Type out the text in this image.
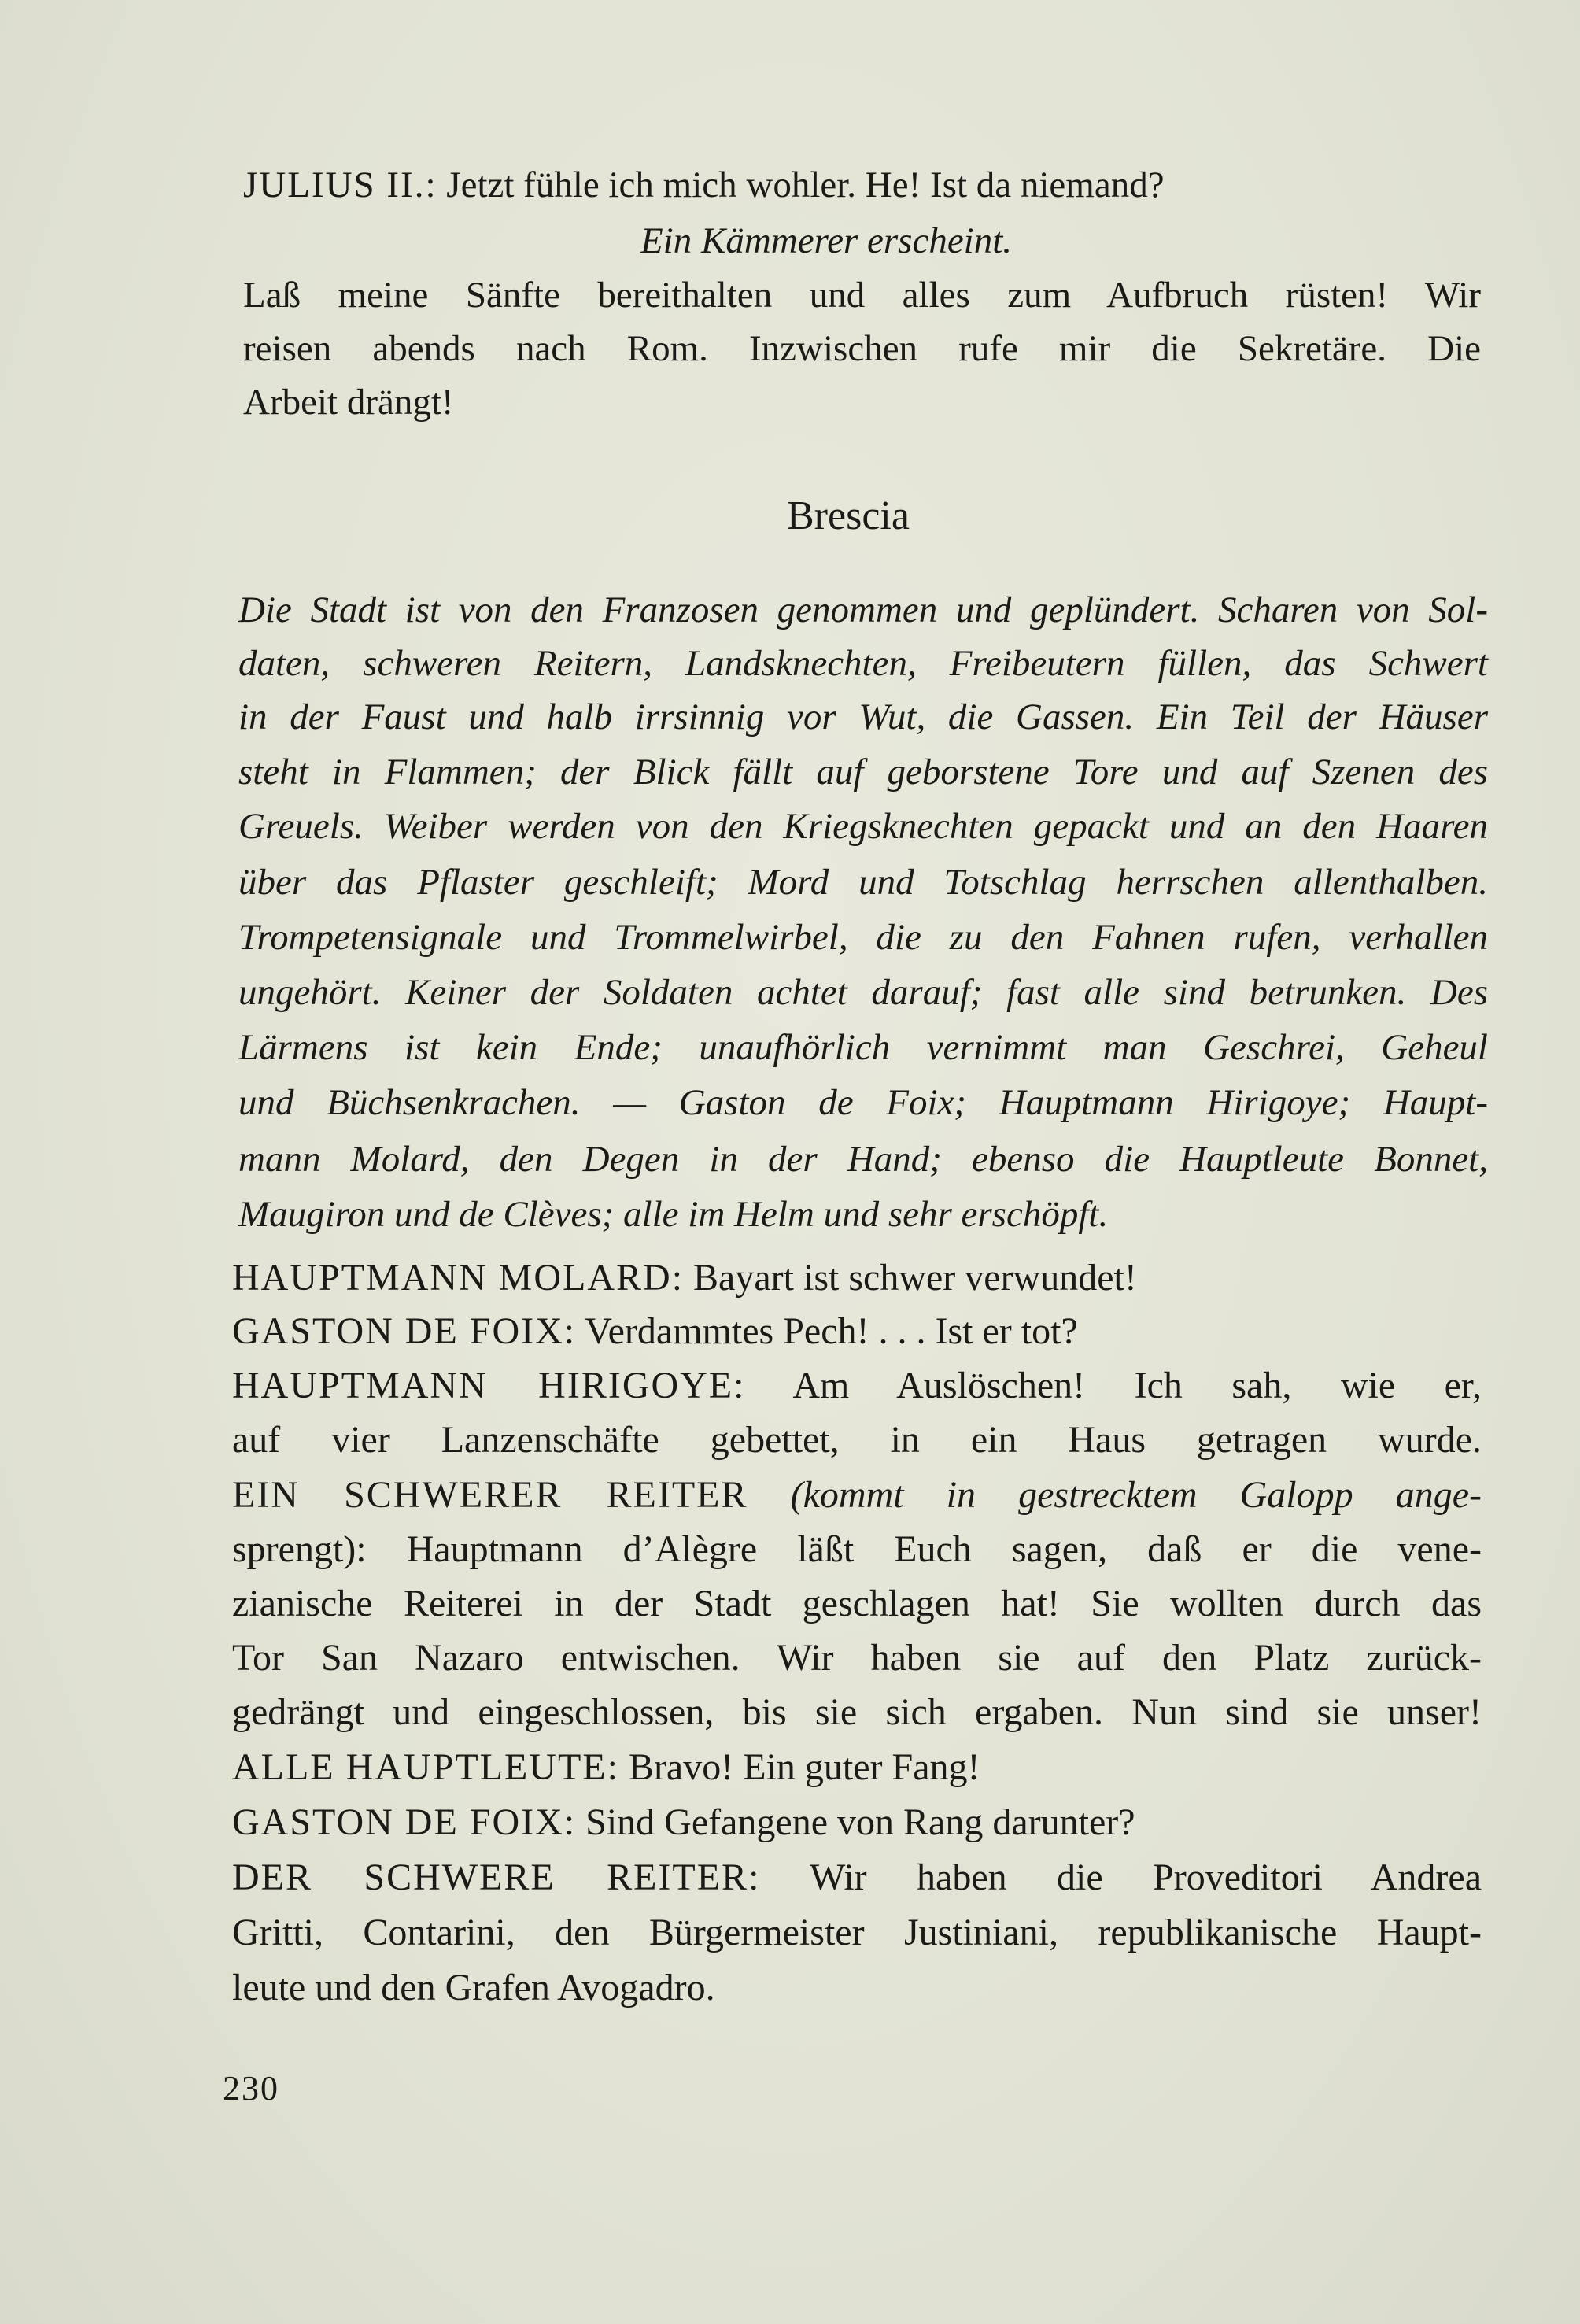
JULIUS II.: Jetzt fühle ich mich wohler. He! Ist da niemand?
Ein Kämmerer erscheint.
Laß meine Sänfte bereithalten und alles zum Aufbruch rüsten! Wir
reisen abends nach Rom. Inzwischen rufe mir die Sekretäre. Die
Arbeit drängt!
Brescia
Die Stadt ist von den Franzosen genommen und geplündert. Scharen von Sol-
daten, schweren Reitern, Landsknechten, Freibeutern füllen, das Schwert
in der Faust und halb irrsinnig vor Wut, die Gassen. Ein Teil der Häuser
steht in Flammen; der Blick fällt auf geborstene Tore und auf Szenen des
Greuels. Weiber werden von den Kriegsknechten gepackt und an den Haaren
über das Pflaster geschleift; Mord und Totschlag herrschen allenthalben.
Trompetensignale und Trommelwirbel, die zu den Fahnen rufen, verhallen
ungehört. Keiner der Soldaten achtet darauf; fast alle sind betrunken. Des
Lärmens ist kein Ende; unaufhörlich vernimmt man Geschrei, Geheul
und Büchsenkrachen. — Gaston de Foix; Hauptmann Hirigoye; Haupt-
mann Molard, den Degen in der Hand; ebenso die Hauptleute Bonnet,
Maugiron und de Clèves; alle im Helm und sehr erschöpft.
HAUPTMANN MOLARD: Bayart ist schwer verwundet!
GASTON DE FOIX: Verdammtes Pech! . . . Ist er tot?
HAUPTMANN HIRIGOYE: Am Auslöschen! Ich sah, wie er,
auf vier Lanzenschäfte gebettet, in ein Haus getragen wurde.
EIN SCHWERER REITER (kommt in gestrecktem Galopp ange-
sprengt): Hauptmann d’Alègre läßt Euch sagen, daß er die vene-
zianische Reiterei in der Stadt geschlagen hat! Sie wollten durch das
Tor San Nazaro entwischen. Wir haben sie auf den Platz zurück-
gedrängt und eingeschlossen, bis sie sich ergaben. Nun sind sie unser!
ALLE HAUPTLEUTE: Bravo! Ein guter Fang!
GASTON DE FOIX: Sind Gefangene von Rang darunter?
DER SCHWERE REITER: Wir haben die Proveditori Andrea
Gritti, Contarini, den Bürgermeister Justiniani, republikanische Haupt-
leute und den Grafen Avogadro.
230
